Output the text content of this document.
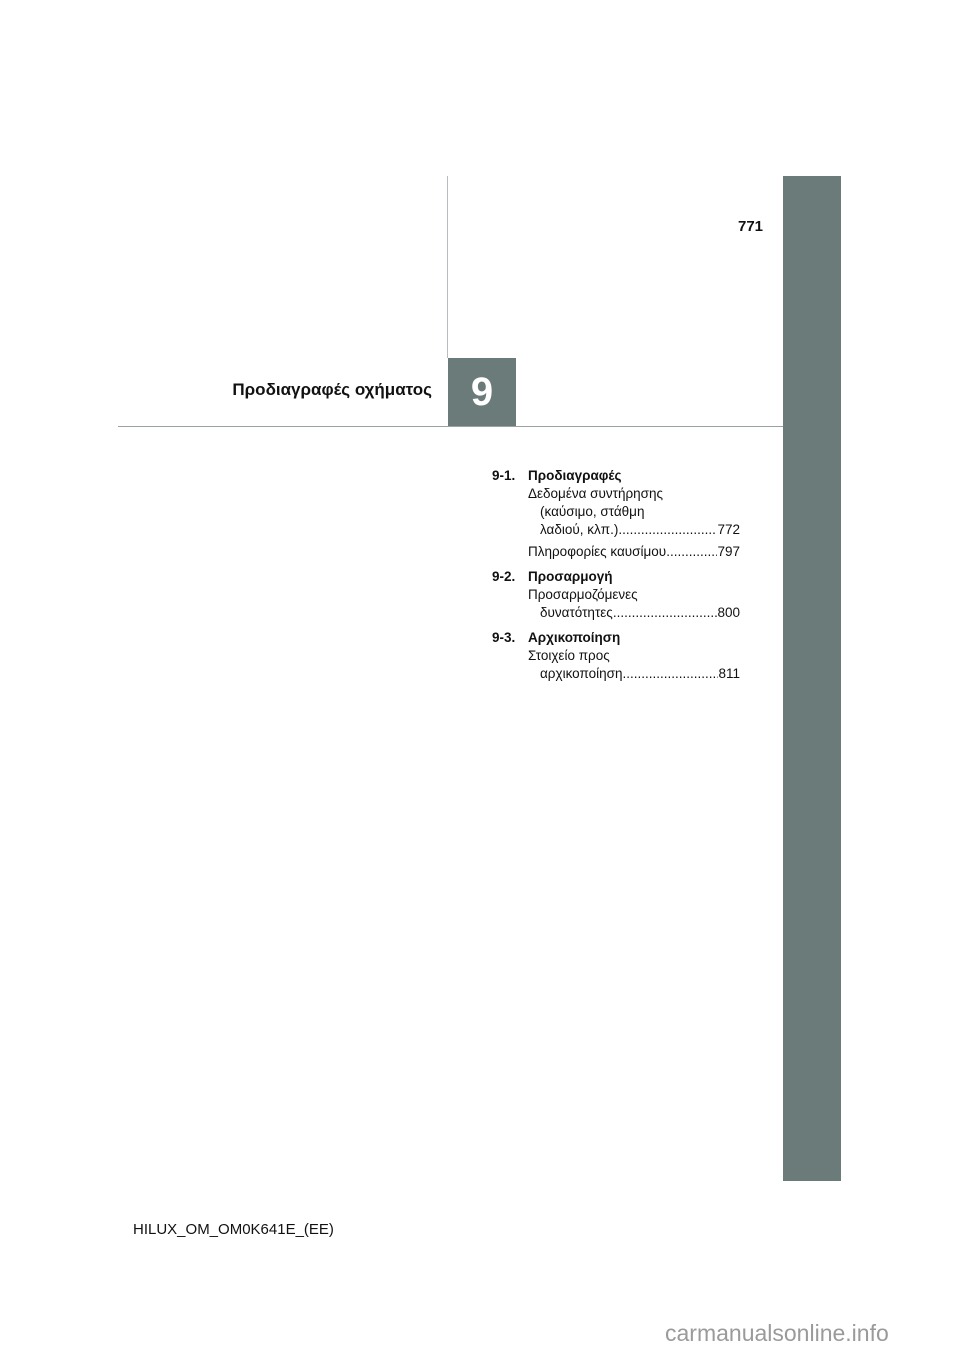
771
Προδιαγραφές οχήματος 9
9-1. Προδιαγραφές
Δεδομένα συντήρησης
(καύσιμο, στάθμη
λαδιού, κλπ.) .....	772
Πληροφορίες καυσίμου .....	797
9-2. Προσαρμογή
Προσαρμοζόμενες
δυνατότητες .....	800
9-3. Αρχικοποίηση
Στοιχείο προς
αρχικοποίηση .....	811
HILUX_OM_OM0K641E_(EE)
carmanualsonline.info
